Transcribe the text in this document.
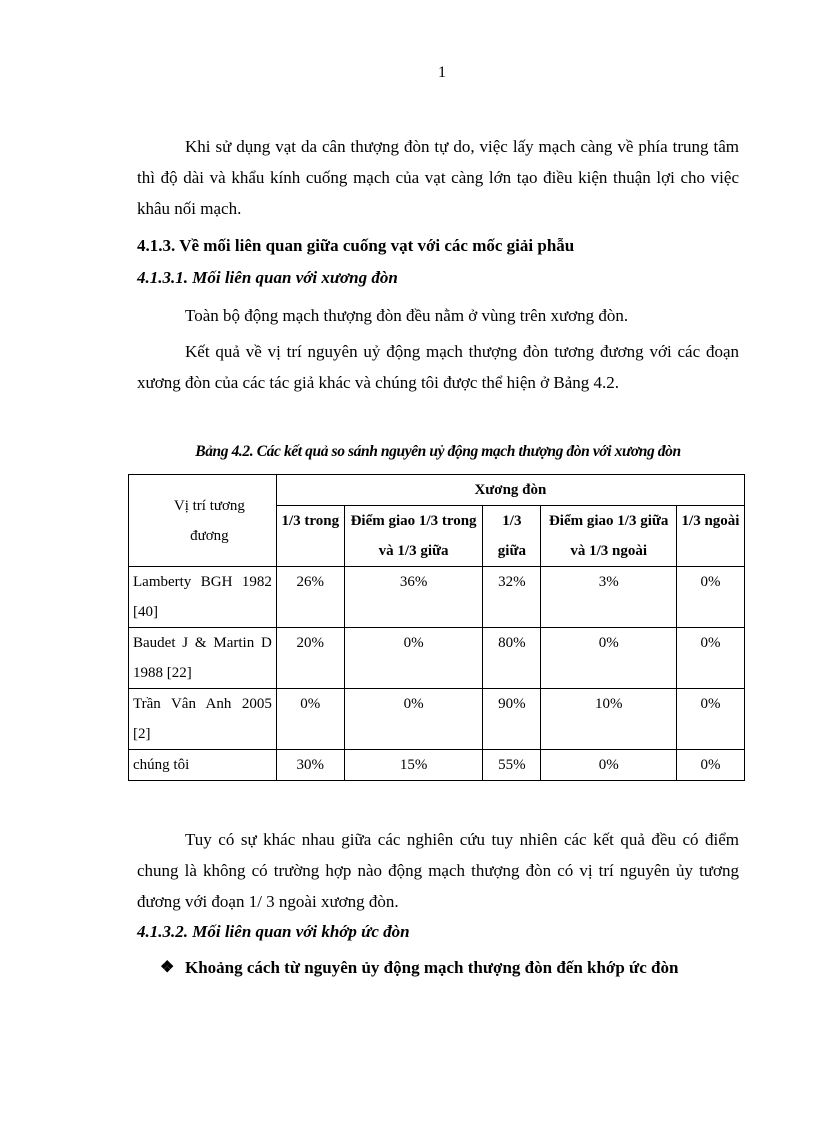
1

Khi sử dụng vạt da cân thượng đòn tự do, việc lấy mạch càng về phía trung tâm thì độ dài và khẩu kính cuống mạch của vạt càng lớn tạo điều kiện thuận lợi cho việc khâu nối mạch.

4.1.3. Về mối liên quan giữa cuống vạt với các mốc giải phẫu
4.1.3.1. Mối liên quan với xương đòn

Toàn bộ động mạch thượng đòn đều nằm ở vùng trên xương đòn.

Kết quả về vị trí nguyên uỷ động mạch thượng đòn tương đương với các đoạn xương đòn của các tác giả khác và chúng tôi được thể hiện ở Bảng 4.2.

Bảng 4.2. Các kết quả so sánh nguyên uỷ động mạch thượng đòn với xương đòn
Vị trí tương đương	Xương đòn				
	1/3 trong	Điểm giao 1/3 trong và 1/3 giữa	1/3 giữa	Điểm giao 1/3 giữa và 1/3 ngoài	1/3 ngoài
Lamberty BGH 1982 [40]	26%	36%	32%	3%	0%
Baudet J & Martin D 1988 [22]	20%	0%	80%	0%	0%
Trần Vân Anh 2005 [2]	0%	0%	90%	10%	0%
chúng tôi	30%	15%	55%	0%	0%

Tuy có sự khác nhau giữa các nghiên cứu tuy nhiên các kết quả đều có điểm chung là không có trường hợp nào động mạch thượng đòn có vị trí nguyên ủy tương đương với đoạn 1/ 3 ngoài xương đòn.

4.1.3.2. Mối liên quan với khớp ức đòn
❖ Khoảng cách từ nguyên ủy động mạch thượng đòn đến khớp ức đòn
